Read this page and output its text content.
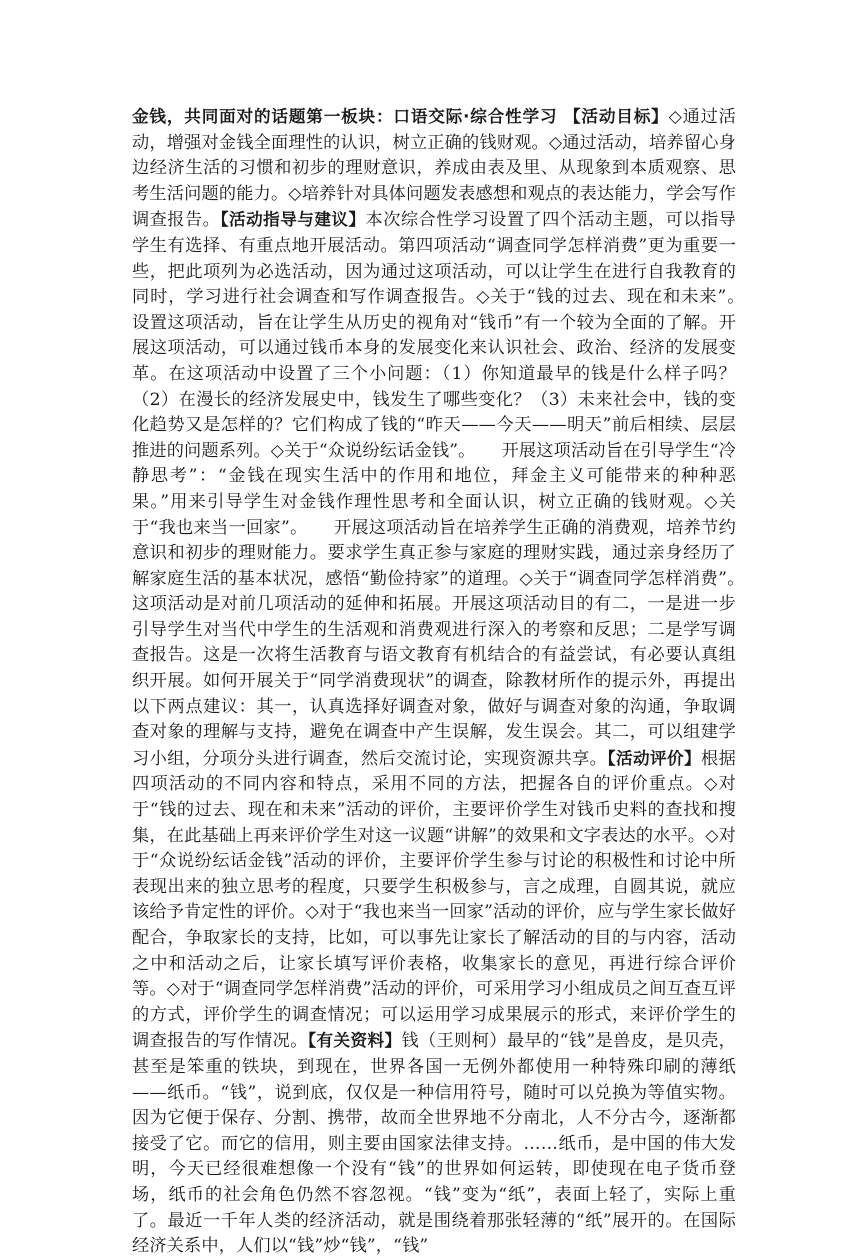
金钱，共同面对的话题第一板块：口语交际·综合性学习 【活动目标】◇通过活动，增强对金钱全面理性的认识，树立正确的钱财观。◇通过活动，培养留心身边经济生活的习惯和初步的理财意识，养成由表及里、从现象到本质观察、思考生活问题的能力。◇培养针对具体问题发表感想和观点的表达能力，学会写作调查报告。【活动指导与建议】本次综合性学习设置了四个活动主题，可以指导学生有选择、有重点地开展活动。第四项活动“调查同学怎样消费”更为重要一些，把此项列为必选活动，因为通过这项活动，可以让学生在进行自我教育的同时，学习进行社会调查和写作调查报告。◇关于“钱的过去、现在和未来”。　设置这项活动，旨在让学生从历史的视角对“钱币”有一个较为全面的了解。开展这项活动，可以通过钱币本身的发展变化来认识社会、政治、经济的发展变革。在这项活动中设置了三个小问题：（1）你知道最早的钱是什么样子吗？（2）在漫长的经济发展史中，钱发生了哪些变化？（3）未来社会中，钱的变化趋势又是怎样的？它们构成了钱的“昨天——今天——明天”前后相续、层层推进的问题系列。◇关于“众说纷纭话金钱”。　　开展这项活动旨在引导学生“冷静思考”：“金钱在现实生活中的作用和地位，拜金主义可能带来的种种恶果。”用来引导学生对金钱作理性思考和全面认识，树立正确的钱财观。◇关于“我也来当一回家”。　　开展这项活动旨在培养学生正确的消费观，培养节约意识和初步的理财能力。要求学生真正参与家庭的理财实践，通过亲身经历了解家庭生活的基本状况，感悟“勤俭持家”的道理。◇关于“调查同学怎样消费”。　　这项活动是对前几项活动的延伸和拓展。开展这项活动目的有二，一是进一步引导学生对当代中学生的生活观和消费观进行深入的考察和反思；二是学写调查报告。这是一次将生活教育与语文教育有机结合的有益尝试，有必要认真组织开展。如何开展关于“同学消费现状”的调查，除教材所作的提示外，再提出以下两点建议：其一，认真选择好调查对象，做好与调查对象的沟通，争取调查对象的理解与支持，避免在调查中产生误解，发生误会。其二，可以组建学习小组，分项分头进行调查，然后交流讨论，实现资源共享。【活动评价】根据四项活动的不同内容和特点，采用不同的方法，把握各自的评价重点。◇对于“钱的过去、现在和未来”活动的评价，主要评价学生对钱币史料的查找和搜集，在此基础上再来评价学生对这一议题“讲解”的效果和文字表达的水平。◇对于“众说纷纭话金钱”活动的评价，主要评价学生参与讨论的积极性和讨论中所表现出来的独立思考的程度，只要学生积极参与，言之成理，自圆其说，就应该给予肯定性的评价。◇对于“我也来当一回家”活动的评价，应与学生家长做好配合，争取家长的支持，比如，可以事先让家长了解活动的目的与内容，活动之中和活动之后，让家长填写评价表格，收集家长的意见，再进行综合评价等。◇对于“调查同学怎样消费”活动的评价，可采用学习小组成员之间互查互评的方式，评价学生的调查情况；可以运用学习成果展示的形式，来评价学生的调查报告的写作情况。【有关资料】钱（王则柯）最早的“钱”是兽皮，是贝壳，甚至是笨重的铁块，到现在，世界各国一无例外都使用一种特殊印刷的薄纸——纸币。“钱”，说到底，仅仅是一种信用符号，随时可以兑换为等值实物。因为它便于保存、分割、携带，故而全世界地不分南北，人不分古今，逐渐都接受了它。而它的信用，则主要由国家法律支持。……纸币，是中国的伟大发明，今天已经很难想像一个没有“钱”的世界如何运转，即使现在电子货币登场，纸币的社会角色仍然不容忽视。“钱”变为“纸”，表面上轻了，实际上重了。最近一千年人类的经济活动，就是围绕着那张轻薄的“纸”展开的。在国际经济关系中，人们以“钱”炒“钱”，“钱”
